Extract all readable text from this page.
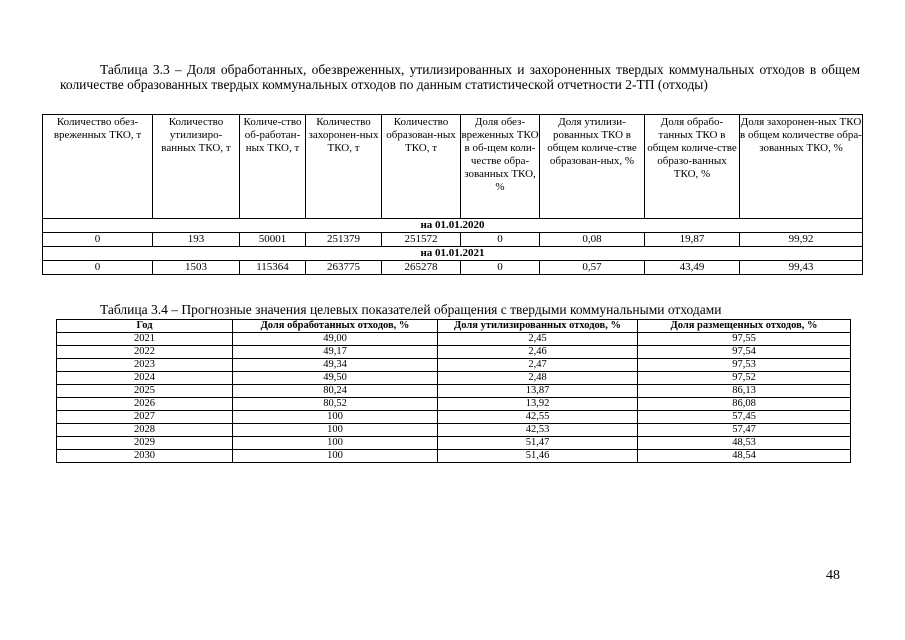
Таблица 3.3 – Доля обработанных, обезвреженных, утилизированных и захороненных твердых коммунальных отходов в общем количестве образованных твердых коммунальных отходов по данным статистической отчетности 2-ТП (отходы)
Количество обез-вреженных ТКО, т	Количество утилизиро-ванных ТКО, т	Количе-ство об-работан-ных ТКО, т	Количество захоронен-ных ТКО, т	Количество образован-ных ТКО, т	Доля обез-вреженных ТКО в об-щем коли-честве обра-зованных ТКО, %	Доля утилизи-рованных ТКО в общем количе-стве образован-ных, %	Доля обрабо-танных ТКО в общем количе-стве образо-ванных ТКО, %	Доля захоронен-ных ТКО в общем количестве обра-зованных ТКО, %
на 01.01.2020								
0	193	50001	251379	251572	0	0,08	19,87	99,92
на 01.01.2021								
0	1503	115364	263775	265278	0	0,57	43,49	99,43
Таблица 3.4 – Прогнозные значения целевых показателей обращения с твердыми коммунальными отходами
Год	Доля обработанных отходов, %	Доля утилизированных отходов, %	Доля размещенных отходов, %
2021	49,00	2,45	97,55
2022	49,17	2,46	97,54
2023	49,34	2,47	97,53
2024	49,50	2,48	97,52
2025	80,24	13,87	86,13
2026	80,52	13,92	86,08
2027	100	42,55	57,45
2028	100	42,53	57,47
2029	100	51,47	48,53
2030	100	51,46	48,54
48
